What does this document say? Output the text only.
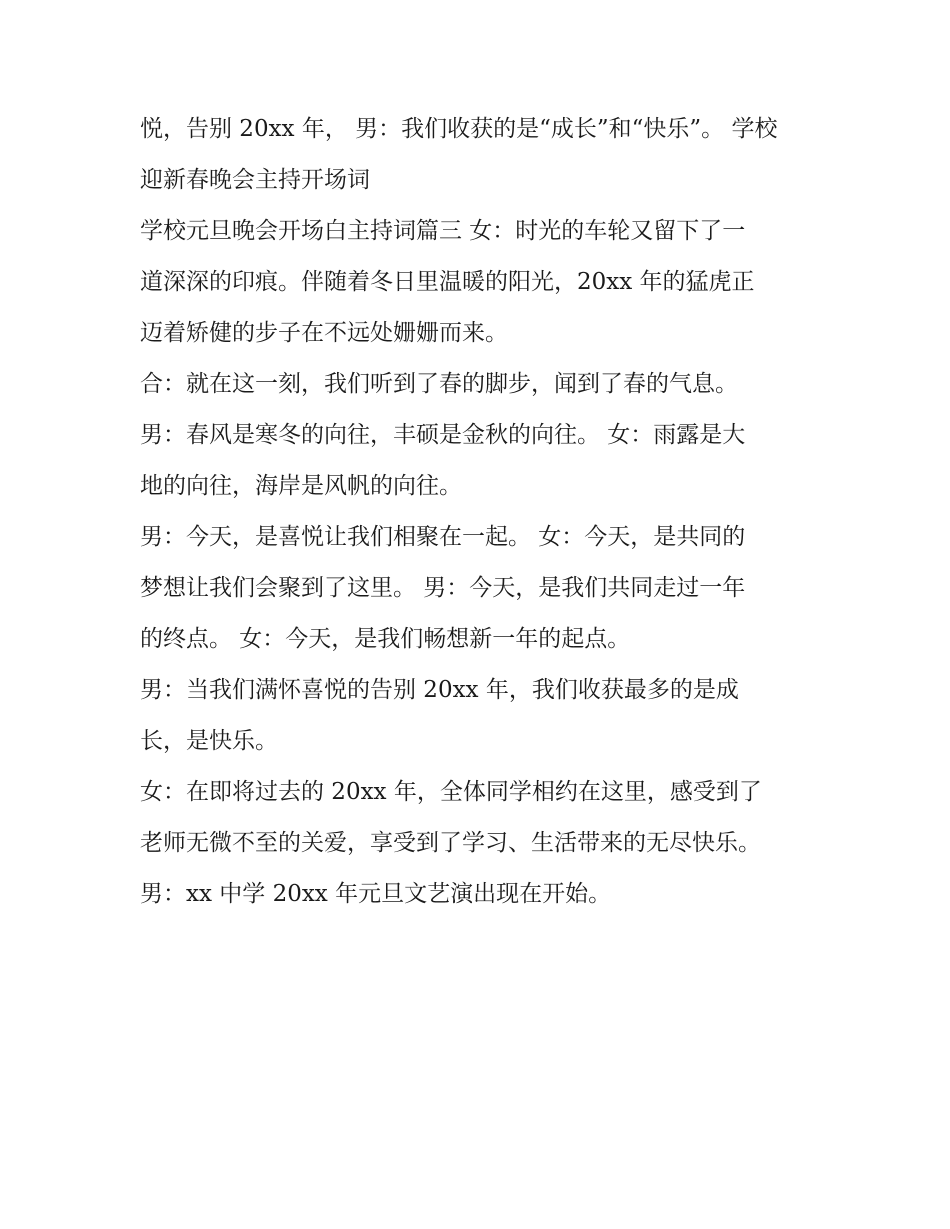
悦，告别 20xx 年， 男：我们收获的是“成长”和“快乐”。 学校
迎新春晚会主持开场词
学校元旦晚会开场白主持词篇三 女：时光的车轮又留下了一
道深深的印痕。伴随着冬日里温暖的阳光，20xx 年的猛虎正
迈着矫健的步子在不远处姗姗而来。
合：就在这一刻，我们听到了春的脚步，闻到了春的气息。
男：春风是寒冬的向往，丰硕是金秋的向往。 女：雨露是大
地的向往，海岸是风帆的向往。
男：今天，是喜悦让我们相聚在一起。 女：今天，是共同的
梦想让我们会聚到了这里。 男：今天，是我们共同走过一年
的终点。 女：今天，是我们畅想新一年的起点。
男：当我们满怀喜悦的告别 20xx 年，我们收获最多的是成
长，是快乐。
女：在即将过去的 20xx 年，全体同学相约在这里，感受到了
老师无微不至的关爱，享受到了学习、生活带来的无尽快乐。
男：xx 中学 20xx 年元旦文艺演出现在开始。
